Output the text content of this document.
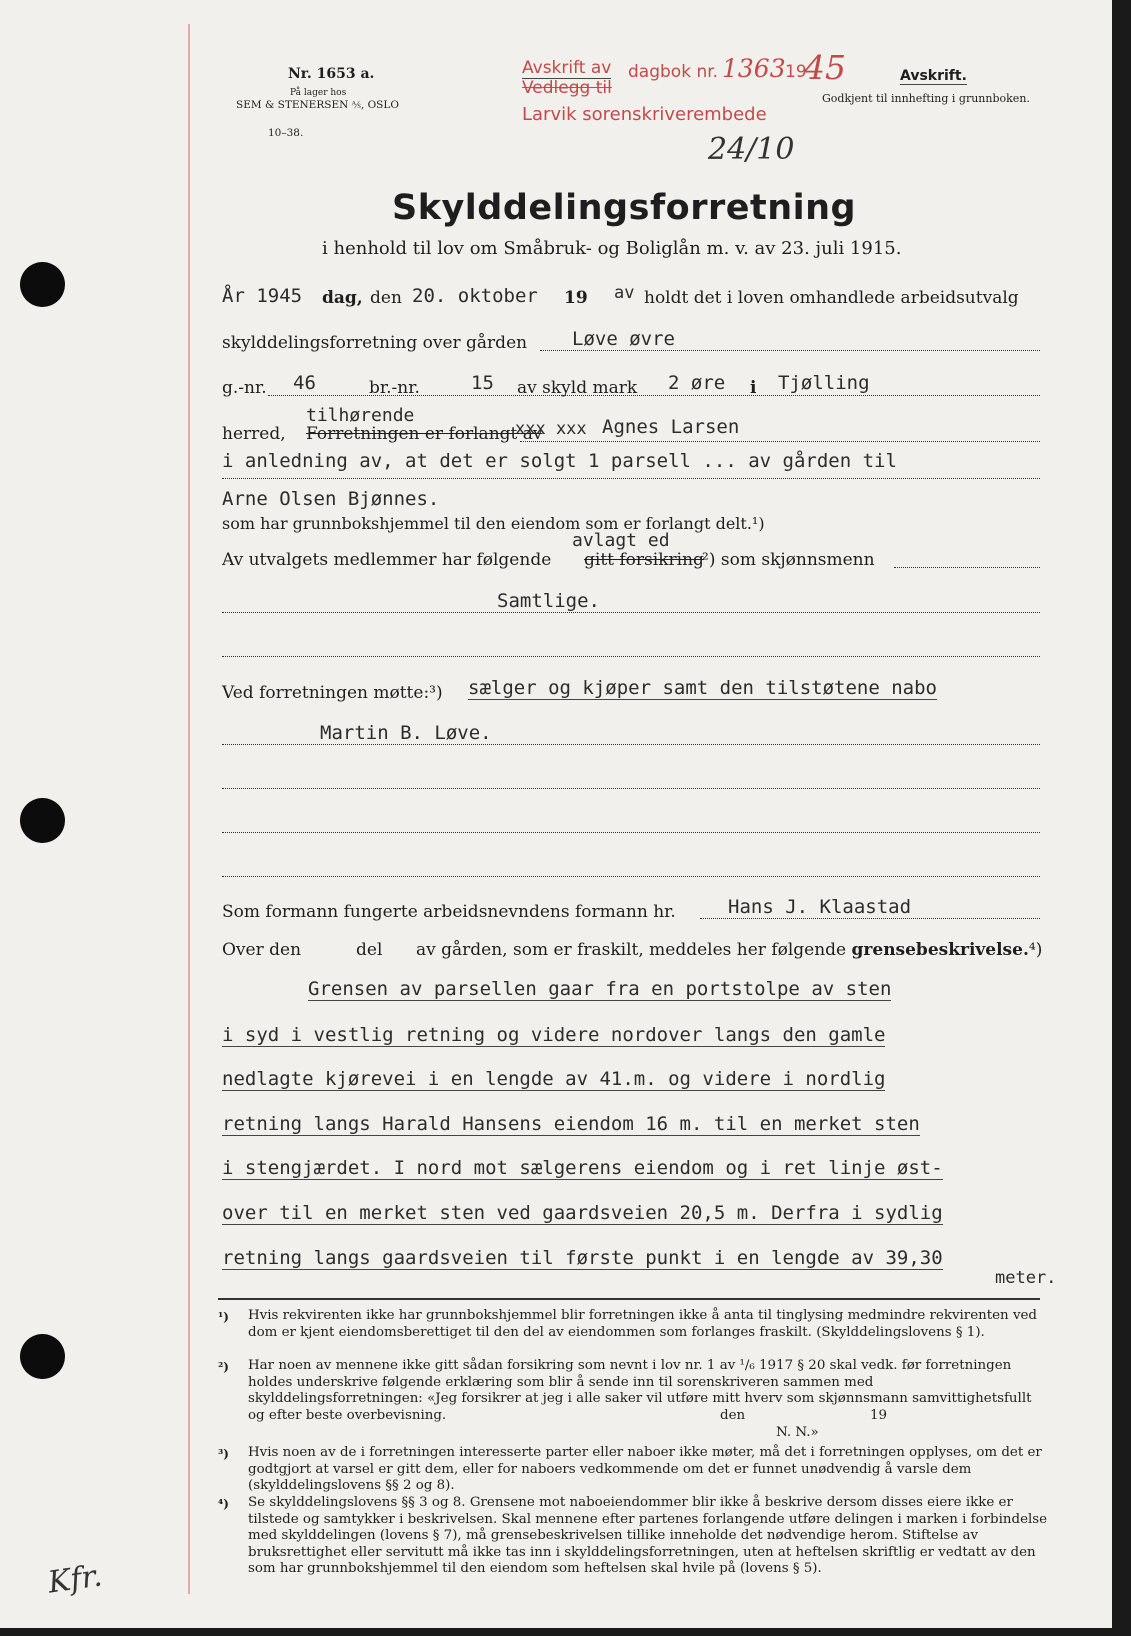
Nr. 1653 a.
På lager hos
SEM & STENERSEN ⅍, OSLO
10–38.
Avskrift av
Vedlegg til
dagbok nr. 1363 19
45
Larvik sorenskriverembede
24/10
Avskrift.
Godkjent til innhefting i grunnboken.
Skylddelingsforretning
i henhold til lov om Småbruk- og Boliglån m. v. av 23. juli 1915.
År 1945 dag, den 20. oktober 19 av holdt det i loven omhandlede arbeidsutvalg
skylddelingsforretning over gården Løve øvre
g.-nr. 46	br.-nr.	15 av skyld mark 2 øre i Tjølling
tilhørende
herred, Forretningen er forlangt av
xxx xxx Agnes Larsen
i anledning av, at det er solgt 1 parsell ... av gården til
Arne Olsen Bjønnes.
som har grunnbokshjemmel til den eiendom som er forlangt delt.¹)
avlagt ed
Av utvalgets medlemmer har følgende gitt forsikring
²) som skjønnsmenn
Samtlige.
Ved forretningen møtte:³) sælger og kjøper samt den tilstøtene nabo
Martin B. Løve.
Som formann fungerte arbeidsnevndens formann hr.	Hans J. Klaastad
Over den	del av gården, som er fraskilt, meddeles her følgende grensebeskrivelse.⁴)
Grensen av parsellen gaar fra en portstolpe av sten
i syd i vestlig retning og videre nordover langs den gamle
nedlagte kjørevei i en lengde av 41.m. og videre i nordlig
retning langs Harald Hansens eiendom 16 m. til en merket sten
i stengjærdet. I nord mot sælgerens eiendom og i ret linje øst-
over til en merket sten ved gaardsveien 20,5 m. Derfra i sydlig
retning langs gaardsveien til første punkt i en lengde av 39,30
meter.
¹) Hvis rekvirenten ikke har grunnbokshjemmel blir forretningen ikke å anta til tinglysing medmindre rekvirenten ved dom er kjent eiendomsberettiget til den del av eiendommen som forlanges fraskilt. (Skylddelingslovens § 1).
²) Har noen av mennene ikke gitt sådan forsikring som nevnt i lov nr. 1 av ¹/₆ 1917 § 20 skal vedk. før forretningen holdes underskrive følgende erklæring som blir å sende inn til sorenskriveren sammen med skylddelingsforretningen: «Jeg forsikrer at jeg i alle saker vil utføre mitt hverv som skjønnsmann samvittighetsfullt og efter beste overbevisning.	den	19
N. N.»
³) Hvis noen av de i forretningen interesserte parter eller naboer ikke møter, må det i forretningen opplyses, om det er godtgjort at varsel er gitt dem, eller for naboers vedkommende om det er funnet unødvendig å varsle dem (skylddelingslovens §§ 2 og 8).
⁴) Se skylddelingslovens §§ 3 og 8. Grensene mot naboeiendommer blir ikke å beskrive dersom disses eiere ikke er tilstede og samtykker i beskrivelsen. Skal mennene efter partenes forlangende utføre delingen i marken i forbindelse med skylddelingen (lovens § 7), må grensebeskrivelsen tillike inneholde det nødvendige herom. Stiftelse av bruksrettighet eller servitutt må ikke tas inn i skylddelingsforretningen, uten at heftelsen skriftlig er vedtatt av den som har grunnbokshjemmel til den eiendom som heftelsen skal hvile på (lovens § 5).
Kfr.
